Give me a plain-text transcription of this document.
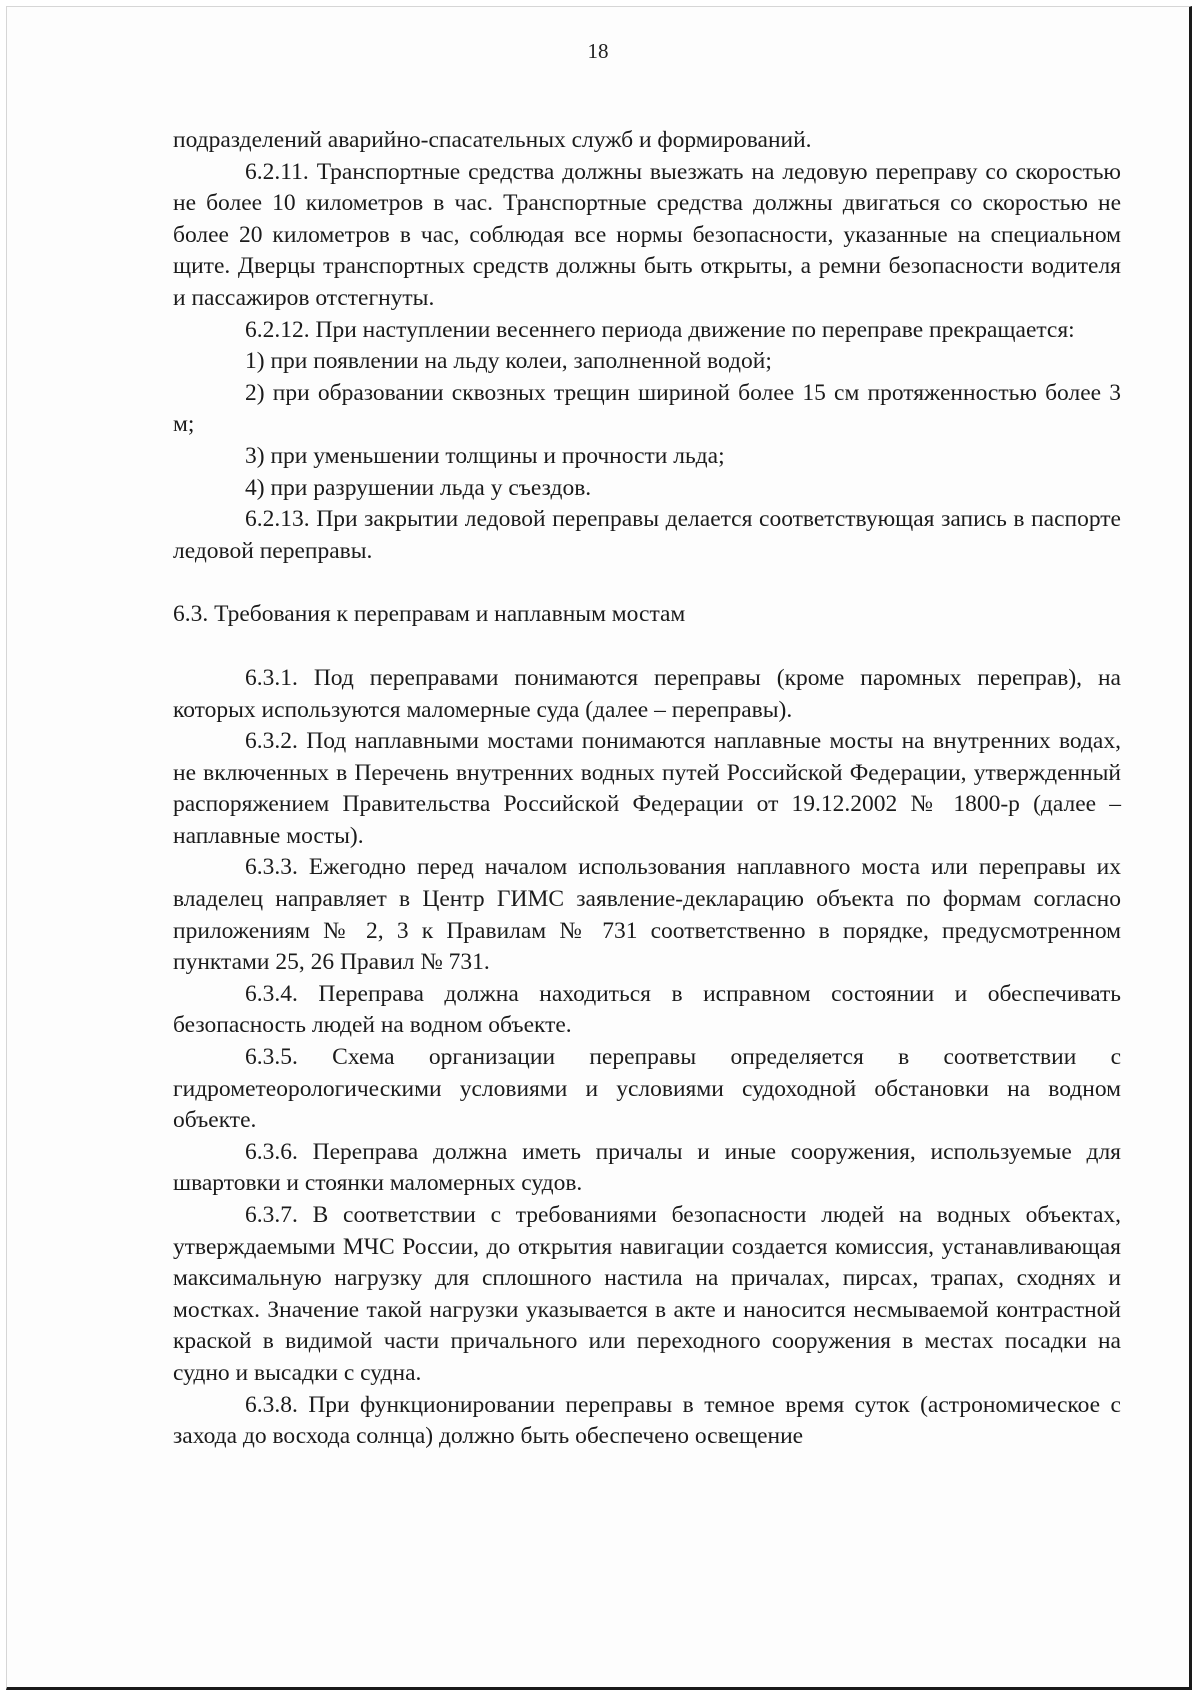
18

подразделений аварийно-спасательных служб и формирований.

6.2.11. Транспортные средства должны выезжать на ледовую переправу со скоростью не более 10 километров в час. Транспортные средства должны двигаться со скоростью не более 20 километров в час, соблюдая все нормы безопасности, указанные на специальном щите. Дверцы транспортных средств должны быть открыты, а ремни безопасности водителя и пассажиров отстегнуты.

6.2.12. При наступлении весеннего периода движение по переправе прекращается:

1) при появлении на льду колеи, заполненной водой;

2) при образовании сквозных трещин шириной более 15 см протяженностью более 3 м;

3) при уменьшении толщины и прочности льда;

4) при разрушении льда у съездов.

6.2.13. При закрытии ледовой переправы делается соответствующая запись в паспорте ледовой переправы.

6.3. Требования к переправам и наплавным мостам

6.3.1. Под переправами понимаются переправы (кроме паромных переправ), на которых используются маломерные суда (далее – переправы).

6.3.2. Под наплавными мостами понимаются наплавные мосты на внутренних водах, не включенных в Перечень внутренних водных путей Российской Федерации, утвержденный распоряжением Правительства Российской Федерации от 19.12.2002 № 1800-р (далее – наплавные мосты).

6.3.3. Ежегодно перед началом использования наплавного моста или переправы их владелец направляет в Центр ГИМС заявление-декларацию объекта по формам согласно приложениям № 2, 3 к Правилам № 731 соответственно в порядке, предусмотренном пунктами 25, 26 Правил № 731.

6.3.4. Переправа должна находиться в исправном состоянии и обеспечивать безопасность людей на водном объекте.

6.3.5. Схема организации переправы определяется в соответствии с гидрометеорологическими условиями и условиями судоходной обстановки на водном объекте.

6.3.6. Переправа должна иметь причалы и иные сооружения, используемые для швартовки и стоянки маломерных судов.

6.3.7. В соответствии с требованиями безопасности людей на водных объектах, утверждаемыми МЧС России, до открытия навигации создается комиссия, устанавливающая максимальную нагрузку для сплошного настила на причалах, пирсах, трапах, сходнях и мостках. Значение такой нагрузки указывается в акте и наносится несмываемой контрастной краской в видимой части причального или переходного сооружения в местах посадки на судно и высадки с судна.

6.3.8. При функционировании переправы в темное время суток (астрономическое с захода до восхода солнца) должно быть обеспечено освещение
